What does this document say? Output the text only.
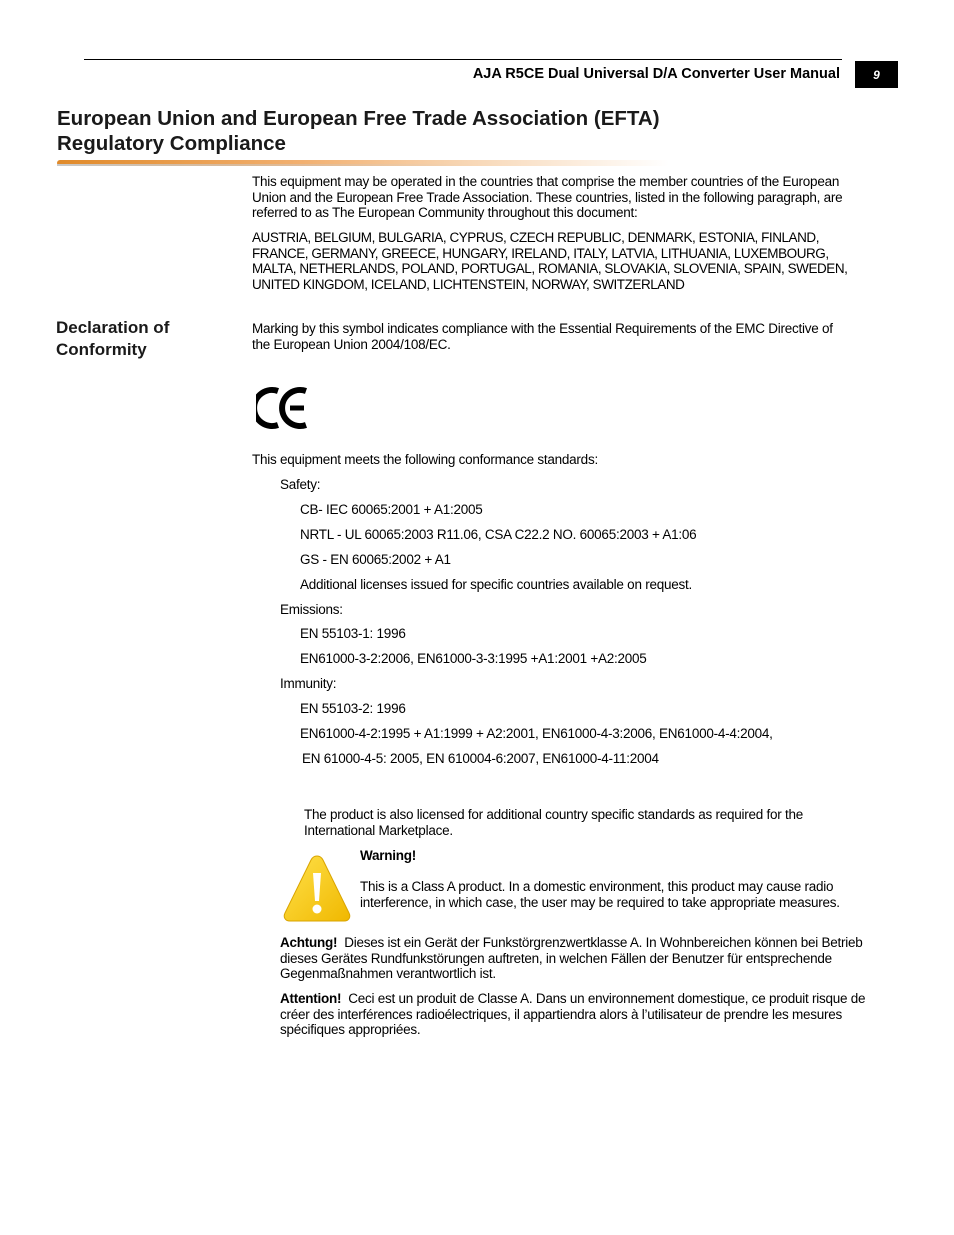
AJA R5CE Dual Universal D/A Converter User Manual	9
European Union and European Free Trade Association (EFTA)
Regulatory Compliance
This equipment may be operated in the countries that comprise the member countries of the European Union and the European Free Trade Association. These countries, listed in the following paragraph, are referred to as The European Community throughout this document:
AUSTRIA, BELGIUM, BULGARIA, CYPRUS, CZECH REPUBLIC, DENMARK, ESTONIA, FINLAND, FRANCE, GERMANY, GREECE, HUNGARY, IRELAND, ITALY, LATVIA, LITHUANIA, LUXEMBOURG, MALTA, NETHERLANDS, POLAND, PORTUGAL, ROMANIA, SLOVAKIA, SLOVENIA, SPAIN, SWEDEN, UNITED KINGDOM, ICELAND, LICHTENSTEIN, NORWAY, SWITZERLAND
Declaration of
Conformity
Marking by this symbol indicates compliance with the Essential Requirements of the EMC Directive of the European Union 2004/108/EC.
This equipment meets the following conformance standards:
Safety:
CB- IEC 60065:2001 + A1:2005
NRTL - UL 60065:2003 R11.06, CSA C22.2 NO. 60065:2003 + A1:06
GS - EN 60065:2002 + A1
Additional licenses issued for specific countries available on request.
Emissions:
EN 55103-1: 1996
EN61000-3-2:2006, EN61000-3-3:1995 +A1:2001 +A2:2005
Immunity:
EN 55103-2: 1996
EN61000-4-2:1995 + A1:1999 + A2:2001, EN61000-4-3:2006, EN61000-4-4:2004,
EN 61000-4-5: 2005, EN 610004-6:2007, EN61000-4-11:2004
The product is also licensed for additional country specific standards as required for the International Marketplace.
Warning!
This is a Class A product. In a domestic environment, this product may cause radio interference, in which case, the user may be required to take appropriate measures.
Achtung! Dieses ist ein Gerät der Funkstörgrenzwertklasse A. In Wohnbereichen können bei Betrieb dieses Gerätes Rundfunkstörungen auftreten, in welchen Fällen der Benutzer für entsprechende Gegenmaßnahmen verantwortlich ist.
Attention! Ceci est un produit de Classe A. Dans un environnement domestique, ce produit risque de créer des interférences radioélectriques, il appartiendra alors à l’utilisateur de prendre les mesures spécifiques appropriées.
